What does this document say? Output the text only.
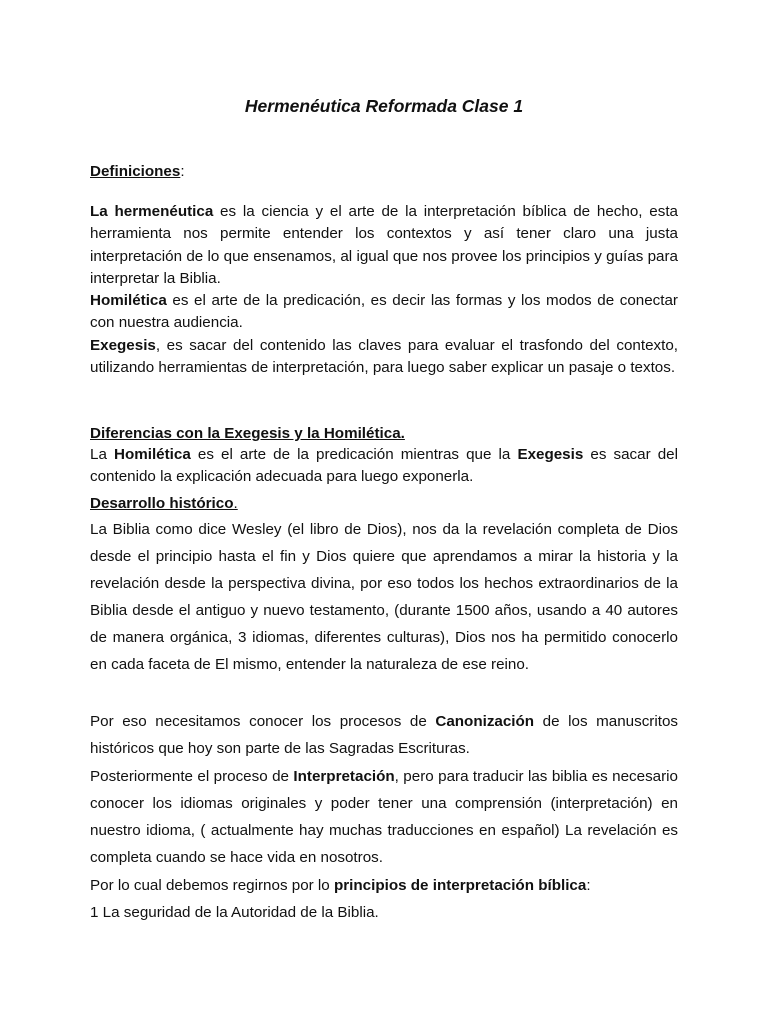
Hermenéutica Reformada Clase 1

Definiciones:

La hermenéutica es la ciencia y el arte de la interpretación bíblica de hecho, esta herramienta nos permite entender los contextos y así tener claro una justa interpretación de lo que ensenamos, al igual que nos provee los principios y guías para interpretar la Biblia.

Homilética es el arte de la predicación, es decir las formas y los modos de conectar con nuestra audiencia.

Exegesis, es sacar del contenido las claves para evaluar el trasfondo del contexto, utilizando herramientas de interpretación, para luego saber explicar un pasaje o textos.

Diferencias con la Exegesis y la Homilética.

La Homilética es el arte de la predicación mientras que la Exegesis es sacar del contenido la explicación adecuada para luego exponerla.

Desarrollo histórico.

La Biblia como dice Wesley (el libro de Dios), nos da la revelación completa de Dios desde el principio hasta el fin y Dios quiere que aprendamos a mirar la historia y la revelación desde la perspectiva divina, por eso todos los hechos extraordinarios de la Biblia desde el antiguo y nuevo testamento, (durante 1500 años, usando a 40 autores de manera orgánica, 3 idiomas, diferentes culturas), Dios nos ha permitido conocerlo en cada faceta de El mismo, entender la naturaleza de ese reino.

Por eso necesitamos conocer los procesos de Canonización de los manuscritos históricos que hoy son parte de las Sagradas Escrituras.

Posteriormente el proceso de Interpretación, pero para traducir las biblia es necesario conocer los idiomas originales y poder tener una comprensión (interpretación) en nuestro idioma, ( actualmente hay muchas traducciones en español) La revelación es completa cuando se hace vida en nosotros.

Por lo cual debemos regirnos por lo principios de interpretación bíblica:

1 La seguridad de la Autoridad de la Biblia.
